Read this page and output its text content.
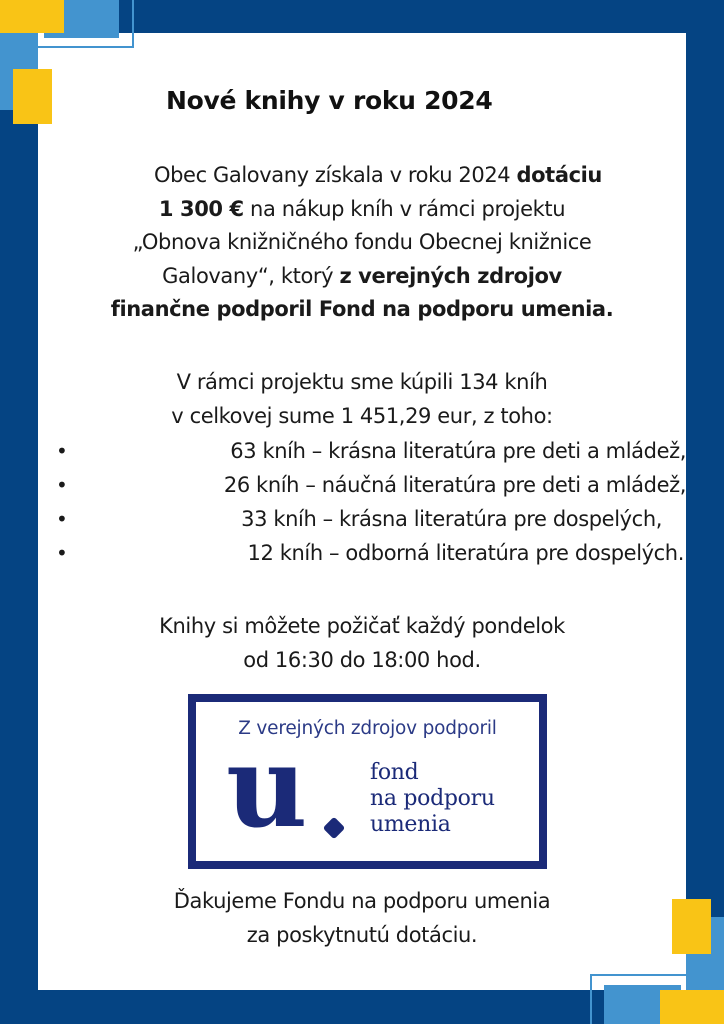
Nové knihy v roku 2024
Obec Galovany získala v roku 2024 dotáciu
1 300 € na nákup kníh v rámci projektu
„Obnova knižničného fondu Obecnej knižnice
Galovany“, ktorý z verejných zdrojov
finančne podporil Fond na podporu umenia.
V rámci projektu sme kúpili 134 kníh
v celkovej sume 1 451,29 eur, z toho:
•	63 kníh – krásna literatúra pre deti a mládež,
•	26 kníh – náučná literatúra pre deti a mládež,
•	33 kníh – krásna literatúra pre dospelých,
•	12 kníh – odborná literatúra pre dospelých.
Knihy si môžete požičať každý pondelok
od 16:30 do 18:00 hod.
Z verejných zdrojov podporil
u	fond
na podporu
umenia
Ďakujeme Fondu na podporu umenia
za poskytnutú dotáciu.
